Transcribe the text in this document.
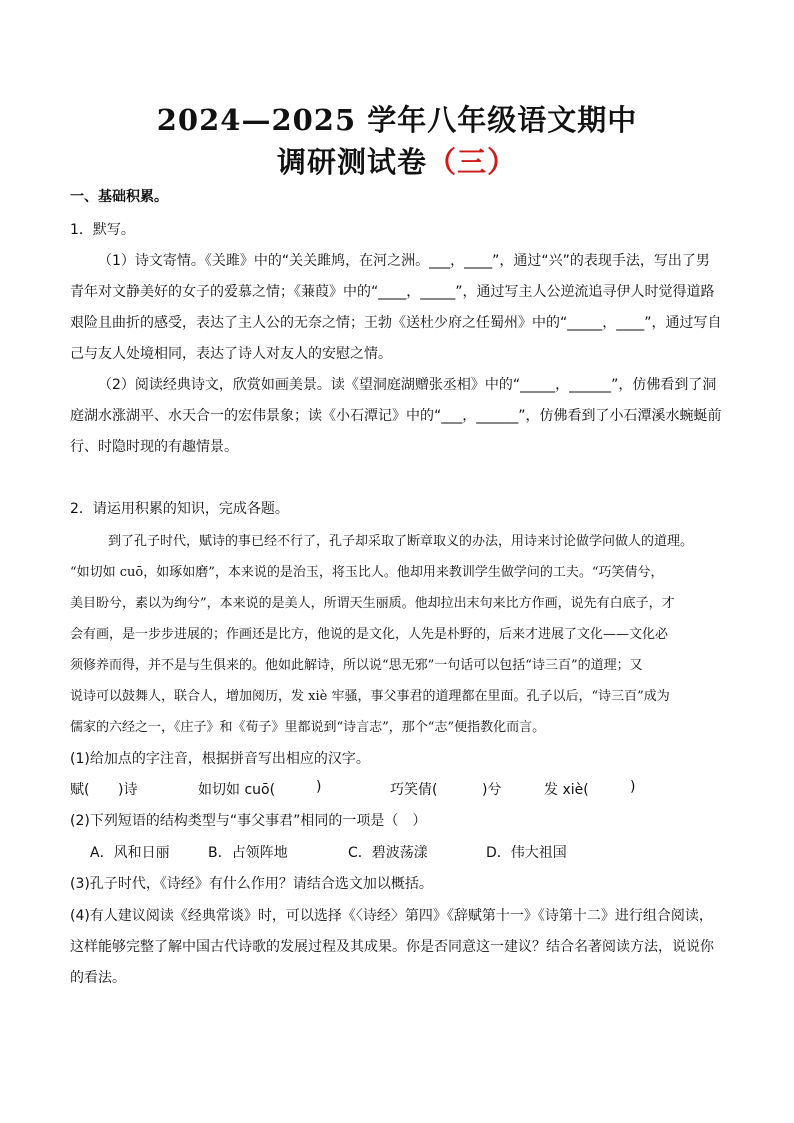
2024—2025 学年八年级语文期中
调研测试卷（三）
一、基础积累。
1．默写。
（1）诗文寄情。《关雎》中的“关关雎鸠，在河之洲。___，____”，通过“兴”的表现手法，写出了男
青年对文静美好的女子的爱慕之情；《蒹葭》中的“____，_____”，通过写主人公逆流追寻伊人时觉得道路
艰险且曲折的感受，表达了主人公的无奈之情；王勃《送杜少府之任蜀州》中的“_____，____”，通过写自
己与友人处境相同，表达了诗人对友人的安慰之情。
（2）阅读经典诗文，欣赏如画美景。读《望洞庭湖赠张丞相》中的“_____，______”，仿佛看到了洞
庭湖水涨湖平、水天合一的宏伟景象；读《小石潭记》中的“___，______”，仿佛看到了小石潭溪水蜿蜒前
行、时隐时现的有趣情景。
2．请运用积累的知识，完成各题。
到了孔子时代，赋诗的事已经不行了，孔子却采取了断章取义的办法，用诗来讨论做学问做人的道理。
“如切如 cuō，如琢如磨”，本来说的是治玉，将玉比人。他却用来教训学生做学问的工夫。“巧笑倩兮，
美目盼兮，素以为绚兮”，本来说的是美人，所谓天生丽质。他却拉出末句来比方作画，说先有白底子，才
会有画，是一步步进展的；作画还是比方，他说的是文化，人先是朴野的，后来才进展了文化——文化必
须修养而得，并不是与生俱来的。他如此解诗，所以说“思无邪”一句话可以包括“诗三百”的道理；又
说诗可以鼓舞人，联合人，增加阅历，发 xiè 牢骚，事父事君的道理都在里面。孔子以后，“诗三百”成为
儒家的六经之一，《庄子》和《荀子》里都说到“诗言志”，那个“志”便指教化而言。
(1)给加点的字注音，根据拼音写出相应的汉字。
赋( )诗	如切如 cuō(	)	巧笑倩(	)兮	发 xiè(	)
(2)下列短语的结构类型与“事父事君”相同的一项是（　）
A．风和日丽	B．占领阵地	C．碧波荡漾	D．伟大祖国
(3)孔子时代，《诗经》有什么作用？请结合选文加以概括。
(4)有人建议阅读《经典常谈》时，可以选择《〈诗经〉第四》《辞赋第十一》《诗第十二》进行组合阅读，
这样能够完整了解中国古代诗歌的发展过程及其成果。你是否同意这一建议？结合名著阅读方法，说说你
的看法。
